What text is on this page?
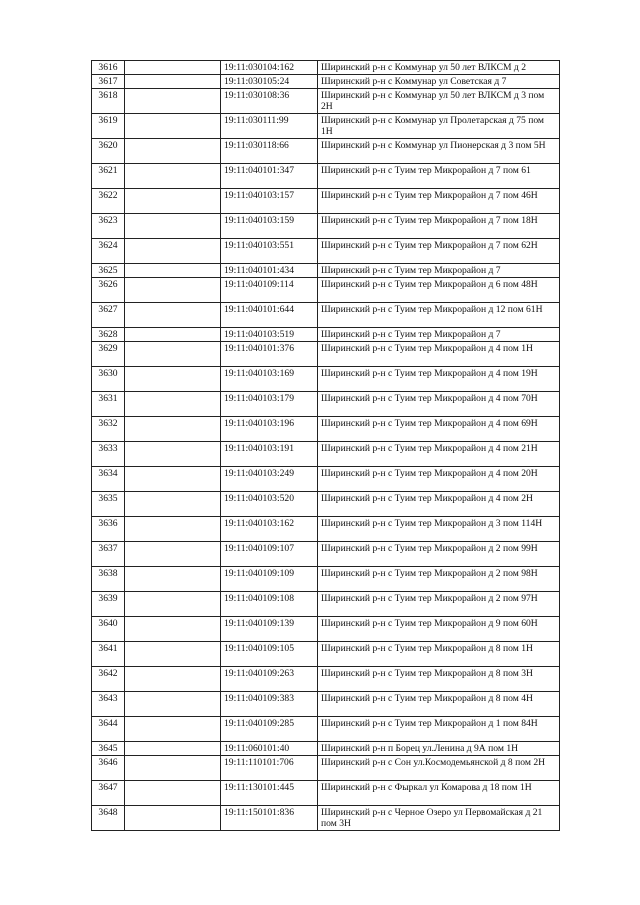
3616		19:11:030104:162	Ширинский р-н с Коммунар ул 50 лет ВЛКСМ д 2
3617		19:11:030105:24	Ширинский р-н с Коммунар ул Советская д 7
3618		19:11:030108:36	Ширинский р-н с Коммунар ул 50 лет ВЛКСМ д 3 пом 2Н
3619		19:11:030111:99	Ширинский р-н с Коммунар ул Пролетарская д 75 пом 1Н
3620		19:11:030118:66	Ширинский р-н с Коммунар ул Пионерская д 3 пом 5Н
3621		19:11:040101:347	Ширинский р-н с Туим тер Микрорайон д 7 пом 61
3622		19:11:040103:157	Ширинский р-н с Туим тер Микрорайон д 7 пом 46Н
3623		19:11:040103:159	Ширинский р-н с Туим тер Микрорайон д 7 пом 18Н
3624		19:11:040103:551	Ширинский р-н с Туим тер Микрорайон д 7 пом 62Н
3625		19:11:040101:434	Ширинский р-н с Туим тер Микрорайон д 7
3626		19:11:040109:114	Ширинский р-н с Туим тер Микрорайон д 6 пом 48Н
3627		19:11:040101:644	Ширинский р-н с Туим тер Микрорайон д 12 пом 61Н
3628		19:11:040103:519	Ширинский р-н с Туим тер Микрорайон д 7
3629		19:11:040101:376	Ширинский р-н с Туим тер Микрорайон д 4 пом 1Н
3630		19:11:040103:169	Ширинский р-н с Туим тер Микрорайон д 4 пом 19Н
3631		19:11:040103:179	Ширинский р-н с Туим тер Микрорайон д 4 пом 70Н
3632		19:11:040103:196	Ширинский р-н с Туим тер Микрорайон д 4 пом 69Н
3633		19:11:040103:191	Ширинский р-н с Туим тер Микрорайон д 4 пом 21Н
3634		19:11:040103:249	Ширинский р-н с Туим тер Микрорайон д 4 пом 20Н
3635		19:11:040103:520	Ширинский р-н с Туим тер Микрорайон д 4 пом 2Н
3636		19:11:040103:162	Ширинский р-н с Туим тер Микрорайон д 3 пом 114Н
3637		19:11:040109:107	Ширинский р-н с Туим тер Микрорайон д 2 пом 99Н
3638		19:11:040109:109	Ширинский р-н с Туим тер Микрорайон д 2 пом 98Н
3639		19:11:040109:108	Ширинский р-н с Туим тер Микрорайон д 2 пом 97Н
3640		19:11:040109:139	Ширинский р-н с Туим тер Микрорайон д 9 пом 60Н
3641		19:11:040109:105	Ширинский р-н с Туим тер Микрорайон д 8 пом 1Н
3642		19:11:040109:263	Ширинский р-н с Туим тер Микрорайон д 8 пом 3Н
3643		19:11:040109:383	Ширинский р-н с Туим тер Микрорайон д 8 пом 4Н
3644		19:11:040109:285	Ширинский р-н с Туим тер Микрорайон д 1 пом 84Н
3645		19:11:060101:40	Ширинский р-н п Борец ул.Ленина д 9А пом 1Н
3646		19:11:110101:706	Ширинский р-н с Сон ул.Космодемьянской д 8 пом 2Н
3647		19:11:130101:445	Ширинский р-н с Фыркал ул Комарова д 18 пом 1Н
3648		19:11:150101:836	Ширинский р-н с Черное Озеро ул Первомайская д 21 пом 3Н
